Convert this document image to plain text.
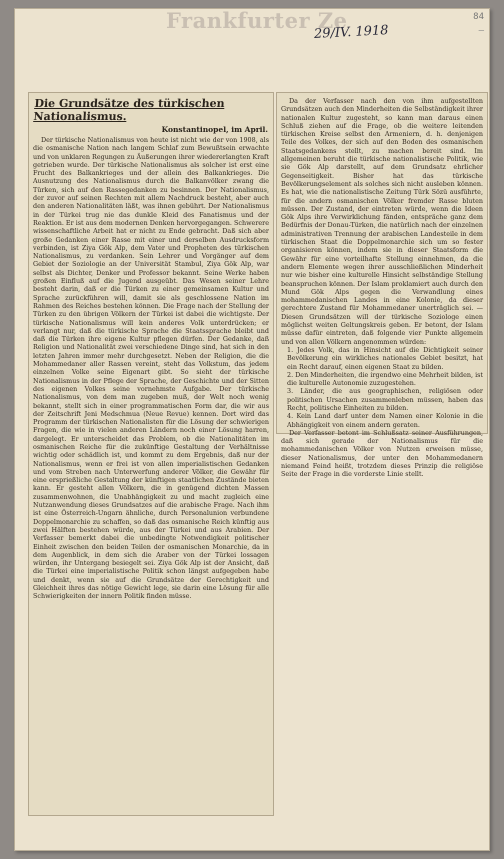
Frankfurter Ze
29/IV. 1918
84
–
Die Grundsätze des türkischen Nationalismus.
Konstantinopel, im April.

Der türkische Nationalismus von heute ist nicht wie der von 1908, als die osmanische Nation nach langem Schlaf zum Bewußtsein erwachte und von unklaren Regungen zu Äußerungen ihrer wiedererlangten Kraft getrieben wurde. Der türkische Nationalismus als solcher ist erst eine Frucht des Balkankrieges und der allein des Balkankrieges. Die Ausnutzung des Nationalismus durch die Balkanvölker zwang die Türken, sich auf den Rassegedanken zu besinnen. Der Nationalismus, der zuvor auf seinen Rechten mit allem Nachdruck besteht, aber auch den anderen Nationalitäten läßt, was ihnen gebührt. Der Nationalismus in der Türkei trug nie das dunkle Kleid des Fanatismus und der Reaktion. Er ist aus dem modernen Denken hervorgegangen. Schwerere wissenschaftliche Arbeit hat er nicht zu Ende gebracht. Daß sich aber große Gedanken einer Rasse mit einer und derselben Ausdrucksform verbinden, ist Ziya Gök Alp, dem Vater und Propheten des türkischen Nationalismus, zu verdanken. Sein Lehrer und Vorgänger auf dem Gebiet der Soziologie an der Universität Stambul, Ziya Gök Alp, war selbst als Dichter, Denker und Professor bekannt. Seine Werke haben großen Einfluß auf die Jugend ausgeübt. Das Wesen seiner Lehre besteht darin, daß er die Türken zu einer gemeinsamen Kultur und Sprache zurückführen will, damit sie als geschlossene Nation im Rahmen des Reiches bestehen können. Die Frage nach der Stellung der Türken zu den übrigen Völkern der Türkei ist dabei die wichtigste. Der türkische Nationalismus will kein anderes Volk unterdrücken; er verlangt nur, daß die türkische Sprache die Staatssprache bleibt und daß die Türken ihre eigene Kultur pflegen dürfen. Der Gedanke, daß Religion und Nationalität zwei verschiedene Dinge sind, hat sich in den letzten Jahren immer mehr durchgesetzt. Neben der Religion, die die Mohammedaner aller Rassen vereint, steht das Volkstum, das jedem einzelnen Volke seine Eigenart gibt. So sieht der türkische Nationalismus in der Pflege der Sprache, der Geschichte und der Sitten des eigenen Volkes seine vornehmste Aufgabe. Der türkische Nationalismus, von dem man zugeben muß, der Welt noch wenig bekannt, stellt sich in einer programmatischen Form dar, die wir aus der Zeitschrift Jeni Medschmua (Neue Revue) kennen. Dort wird das Programm der türkischen Nationalisten für die Lösung der schwierigen Fragen, die wie in vielen anderen Ländern noch einer Lösung harren, dargelegt. Er unterscheidet das Problem, ob die Nationalitäten im osmanischen Reiche für die zukünftige Gestaltung der Verhältnisse wichtig oder schädlich ist, und kommt zu dem Ergebnis, daß nur der Nationalismus, wenn er frei ist von allen imperialistischen Gedanken und vom Streben nach Unterwerfung anderer Völker, die Gewähr für eine ersprießliche Gestaltung der künftigen staatlichen Zustände bieten kann. Er gesteht allen Völkern, die in genügend dichten Massen zusammenwohnen, die Unabhängigkeit zu und macht zugleich eine Nutzanwendung dieses Grundsatzes auf die arabische Frage. Nach ihm ist eine Österreich-Ungarn ähnliche, durch Personalunion verbundene Doppelmonarchie zu schaffen, so daß das osmanische Reich künftig aus zwei Hälften bestehen würde, aus der Türkei und aus Arabien. Der Verfasser bemerkt dabei die unbedingte Notwendigkeit politischer Einheit zwischen den beiden Teilen der osmanischen Monarchie, da in dem Augenblick, in dem sich die Araber von der Türkei lossagen würden, ihr Untergang besiegelt sei. Ziya Gök Alp ist der Ansicht, daß die Türkei eine imperialistische Politik schon längst aufgegeben habe und denkt, wenn sie auf die Grundsätze der Gerechtigkeit und Gleichheit ihres das nötige Gewicht lege, sie darin eine Lösung für alle Schwierigkeiten der innern Politik finden müsse.

Da der Verfasser nach den von ihm aufgestellten Grundsätzen auch den Minderheiten die Selbständigkeit ihrer nationalen Kultur zugesteht, so kann man daraus einen Schluß ziehen auf die Frage, ob die weitere leitenden türkischen Kreise selbst den Armeniern, d. h. denjenigen Teile des Volkes, der sich auf den Boden des osmanischen Staatsgedankens stellt, zu machen bereit sind. Im allgemeinen beruht die türkische nationalistische Politik, wie sie Gök Alp darstellt, auf dem Grundsatz ehrlicher Gegenseitigkeit. Bisher hat das türkische Bevölkerungselement als solches sich nicht ausleben können. Es hat, wie die nationalistische Zeitung Türk Sözü ausführte, für die andern osmanischen Völker fremder Rasse bluten müssen. Der Zustand, der eintreten würde, wenn die Ideen Gök Alps ihre Verwirklichung fänden, entspräche ganz dem Bedürfnis der Donau-Türken, die natürlich nach der einzelnen administrativen Trennung der arabischen Landesteile in dem türkischen Staat die Doppelmonarchie sich um so fester organisieren können, indem sie in dieser Staatsform die Gewähr für eine vorteilhafte Stellung einnehmen, da die andern Elemente wegen ihrer ausschließlichen Minderheit nur wie bisher eine kulturelle Hinsicht selbständige Stellung beanspruchen können. Der Islam proklamiert auch durch den Mund Gök Alps gegen die Verwandlung eines mohammedanischen Landes in eine Kolonie, da dieser gerechtere Zustand für Mohammedaner unerträglich sei. — Diesen Grundsätzen will der türkische Soziologe einen möglichst weiten Geltungskreis geben. Er betont, der Islam müsse dafür eintreten, daß folgende vier Punkte allgemein und von allen Völkern angenommen würden:

1. Jedes Volk, das in Hinsicht auf die Dichtigkeit seiner Bevölkerung ein wirkliches nationales Gebiet besitzt, hat ein Recht darauf, einen eigenen Staat zu bilden.

2. Den Minderheiten, die irgendwo eine Mehrheit bilden, ist die kulturelle Autonomie zuzugestehen.

3. Länder, die aus geographischen, religiösen oder politischen Ursachen zusammenleben müssen, haben das Recht, politische Einheiten zu bilden.

4. Kein Land darf unter dem Namen einer Kolonie in die Abhängigkeit von einem andern geraten.

Der Verfasser betont im Schlußsatz seiner Ausführungen, daß sich gerade der Nationalismus für die mohammedanischen Völker von Nutzen erweisen müsse, dieser Nationalismus, der unter den Mohammedanern niemand Feind heißt, trotzdem dieses Prinzip die religiöse Seite der Frage in die vorderste Linie stellt.
